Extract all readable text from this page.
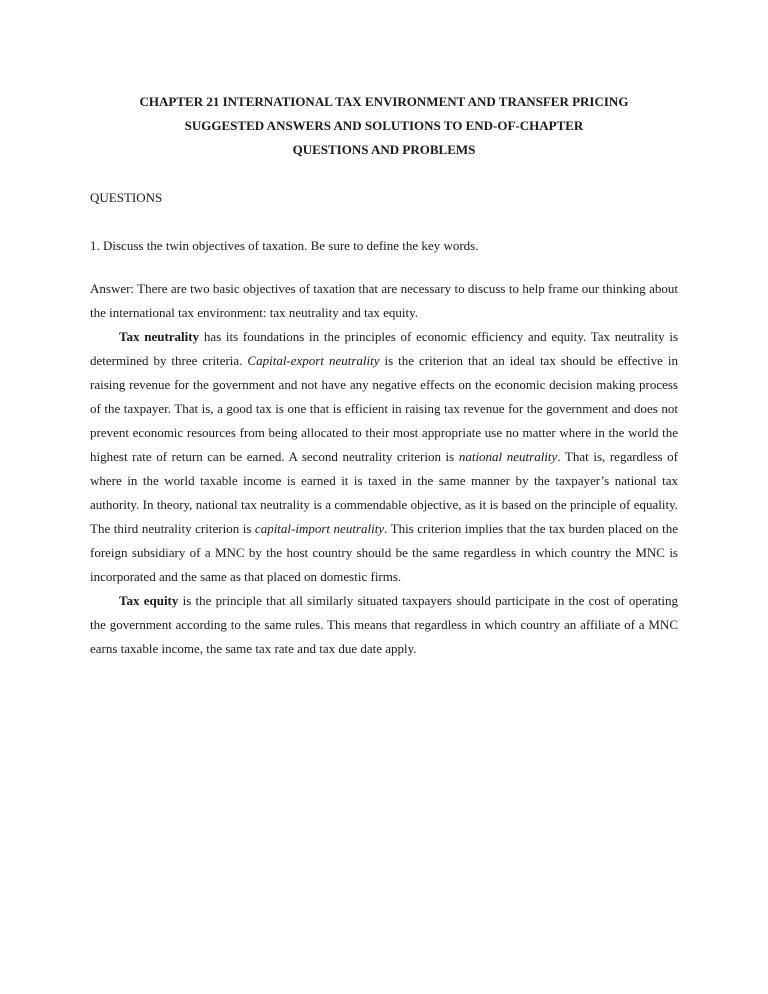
CHAPTER 21 INTERNATIONAL TAX ENVIRONMENT AND TRANSFER PRICING
SUGGESTED ANSWERS AND SOLUTIONS TO END-OF-CHAPTER
QUESTIONS AND PROBLEMS
QUESTIONS
1. Discuss the twin objectives of taxation. Be sure to define the key words.

Answer: There are two basic objectives of taxation that are necessary to discuss to help frame our thinking about the international tax environment: tax neutrality and tax equity.

Tax neutrality has its foundations in the principles of economic efficiency and equity. Tax neutrality is determined by three criteria. Capital-export neutrality is the criterion that an ideal tax should be effective in raising revenue for the government and not have any negative effects on the economic decision making process of the taxpayer. That is, a good tax is one that is efficient in raising tax revenue for the government and does not prevent economic resources from being allocated to their most appropriate use no matter where in the world the highest rate of return can be earned. A second neutrality criterion is national neutrality. That is, regardless of where in the world taxable income is earned it is taxed in the same manner by the taxpayer’s national tax authority. In theory, national tax neutrality is a commendable objective, as it is based on the principle of equality. The third neutrality criterion is capital-import neutrality. This criterion implies that the tax burden placed on the foreign subsidiary of a MNC by the host country should be the same regardless in which country the MNC is incorporated and the same as that placed on domestic firms.

Tax equity is the principle that all similarly situated taxpayers should participate in the cost of operating the government according to the same rules. This means that regardless in which country an affiliate of a MNC earns taxable income, the same tax rate and tax due date apply.
